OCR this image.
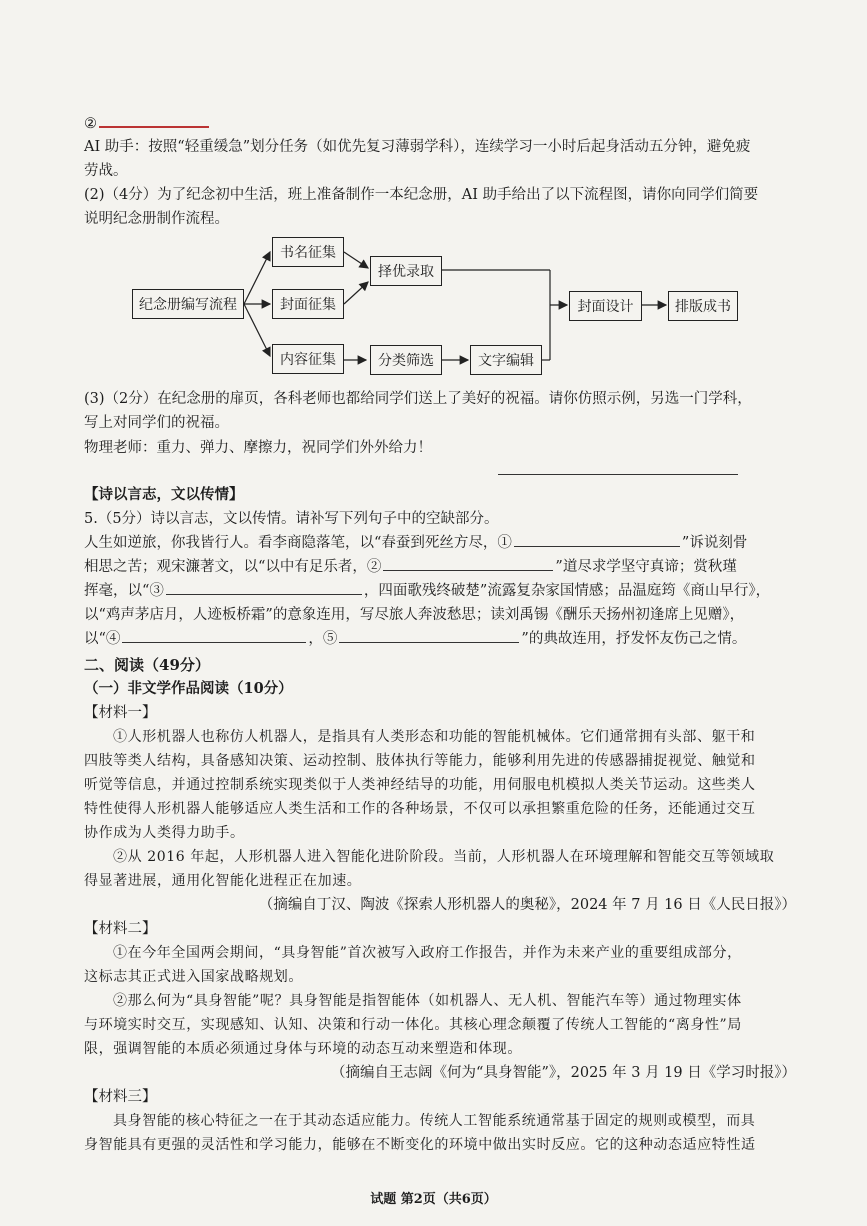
②
AI 助手：按照“轻重缓急”划分任务（如优先复习薄弱学科），连续学习一小时后起身活动五分钟，避免疲
劳战。
(2)（4分）为了纪念初中生活，班上准备制作一本纪念册，AI 助手给出了以下流程图，请你向同学们简要
说明纪念册制作流程。
纪念册编写流程
书名征集
封面征集
内容征集
择优录取
分类筛选	文字编辑
封面设计	排版成书
(3)（2分）在纪念册的扉页，各科老师也都给同学们送上了美好的祝福。请你仿照示例，另选一门学科，
写上对同学们的祝福。
物理老师：重力、弹力、摩擦力，祝同学们外外给力！
【诗以言志，文以传情】
5.（5分）诗以言志，文以传情。请补写下列句子中的空缺部分。
人生如逆旅，你我皆行人。看李商隐落笔，以“春蚕到死丝方尽，①	”诉说刻骨
相思之苦；观宋濂著文，以“以中有足乐者，②	”道尽求学坚守真谛；赏秋瑾
挥毫，以“③	，四面歌残终破楚”流露复杂家国情感；品温庭筠《商山早行》，
以“鸡声茅店月，人迹板桥霜”的意象连用，写尽旅人奔波愁思；读刘禹锡《酬乐天扬州初逢席上见赠》，
以“④	，⑤	”的典故连用，抒发怀友伤己之情。
二、阅读（49分）
（一）非文学作品阅读（10分）
【材料一】
①人形机器人也称仿人机器人，是指具有人类形态和功能的智能机械体。它们通常拥有头部、躯干和
四肢等类人结构，具备感知决策、运动控制、肢体执行等能力，能够利用先进的传感器捕捉视觉、触觉和
听觉等信息，并通过控制系统实现类似于人类神经结导的功能，用伺服电机模拟人类关节运动。这些类人
特性使得人形机器人能够适应人类生活和工作的各种场景，不仅可以承担繁重危险的任务，还能通过交互
协作成为人类得力助手。
②从 2016 年起，人形机器人进入智能化进阶阶段。当前，人形机器人在环境理解和智能交互等领域取
得显著进展，通用化智能化进程正在加速。
（摘编自丁汉、陶波《探索人形机器人的奥秘》，2024 年 7 月 16 日《人民日报》）
【材料二】
①在今年全国两会期间，“具身智能”首次被写入政府工作报告，并作为未来产业的重要组成部分，
这标志其正式进入国家战略规划。
②那么何为“具身智能”呢？具身智能是指智能体（如机器人、无人机、智能汽车等）通过物理实体
与环境实时交互，实现感知、认知、决策和行动一体化。其核心理念颠覆了传统人工智能的“离身性”局
限，强调智能的本质必须通过身体与环境的动态互动来塑造和体现。
（摘编自王志阔《何为“具身智能”》，2025 年 3 月 19 日《学习时报》）
【材料三】
具身智能的核心特征之一在于其动态适应能力。传统人工智能系统通常基于固定的规则或模型，而具
身智能具有更强的灵活性和学习能力，能够在不断变化的环境中做出实时反应。它的这种动态适应特性适
试题 第2页（共6页）
